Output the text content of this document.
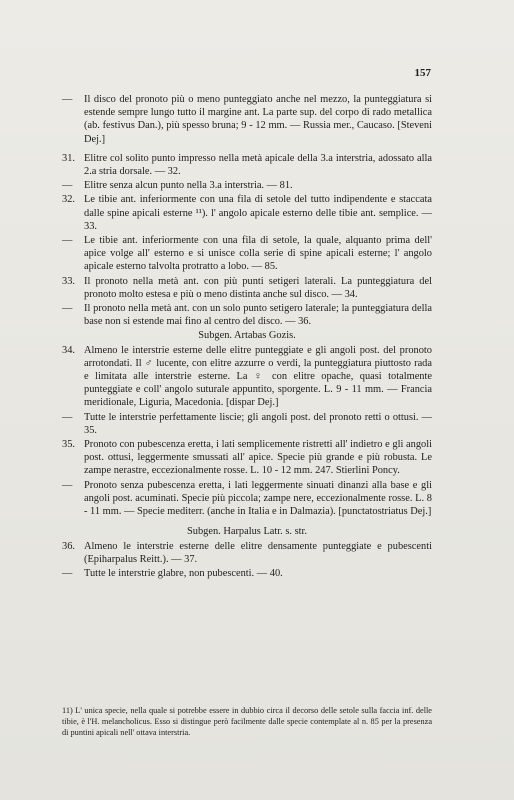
157
—	Il disco del pronoto più o meno punteggiato anche nel mezzo, la punteggiatura si estende sempre lungo tutto il margine ant. La parte sup. del corpo di rado metallica (ab. festivus Dan.), più spesso bruna; 9 - 12 mm. — Russia mer., Caucaso. [Steveni Dej.]
31. Elitre col solito punto impresso nella metà apicale della 3.a interstria, adossato alla 2.a stria dorsale. — 32.
—	Elitre senza alcun punto nella 3.a interstria. — 81.
32. Le tibie ant. inferiormente con una fila di setole del tutto indipendente e staccata dalle spine apicali esterne ¹¹). l' angolo apicale esterno delle tibie ant. semplice. — 33.
—	Le tibie ant. inferiormente con una fila di setole, la quale, alquanto prima dell' apice volge all' esterno e si unisce colla serie di spine apicali esterne; l' angolo apicale esterno talvolta protratto a lobo. — 85.
33. Il pronoto nella metà ant. con più punti setigeri laterali. La punteggiatura del pronoto molto estesa e più o meno distinta anche sul disco. — 34.
—	Il pronoto nella metà ant. con un solo punto setigero laterale; la punteggiatura della base non si estende mai fino al centro del disco. — 36.
Subgen. Artabas Gozis.
34. Almeno le interstrie esterne delle elitre punteggiate e gli angoli post. del pronoto arrotondati. Il ♂ lucente, con elitre azzurre o verdi, la punteggiatura piuttosto rada e limitata alle interstrie esterne. La ♀ con elitre opache, quasi totalmente punteggiate e coll' angolo suturale appuntito, sporgente. L. 9 - 11 mm. — Francia meridionale, Liguria, Macedonia. [dispar Dej.]
—	Tutte le interstrie perfettamente liscie; gli angoli post. del pronoto retti o ottusi. — 35.
35. Pronoto con pubescenza eretta, i lati semplicemente ristretti all' indietro e gli angoli post. ottusi, leggermente smussati all' apice. Specie più grande e più robusta. Le zampe nerastre, eccezionalmente rosse. L. 10 - 12 mm. 247. Stierlini Poncy.
—	Pronoto senza pubescenza eretta, i lati leggermente sinuati dinanzi alla base e gli angoli post. acuminati. Specie più piccola; zampe nere, eccezionalmente rosse. L. 8 - 11 mm. — Specie mediterr. (anche in Italia e in Dalmazia). [punctatostriatus Dej.]
Subgen. Harpalus Latr. s. str.
36. Almeno le interstrie esterne delle elitre densamente punteggiate e pubescenti (Epiharpalus Reitt.). — 37.
—	Tutte le interstrie glabre, non pubescenti. — 40.
11) L' unica specie, nella quale si potrebbe essere in dubbio circa il decorso delle setole sulla faccia inf. delle tibie, è l'H. melancholicus. Esso si distingue però facilmente dalle specie contemplate al n. 85 per la presenza di puntini apicali nell' ottava interstria.
